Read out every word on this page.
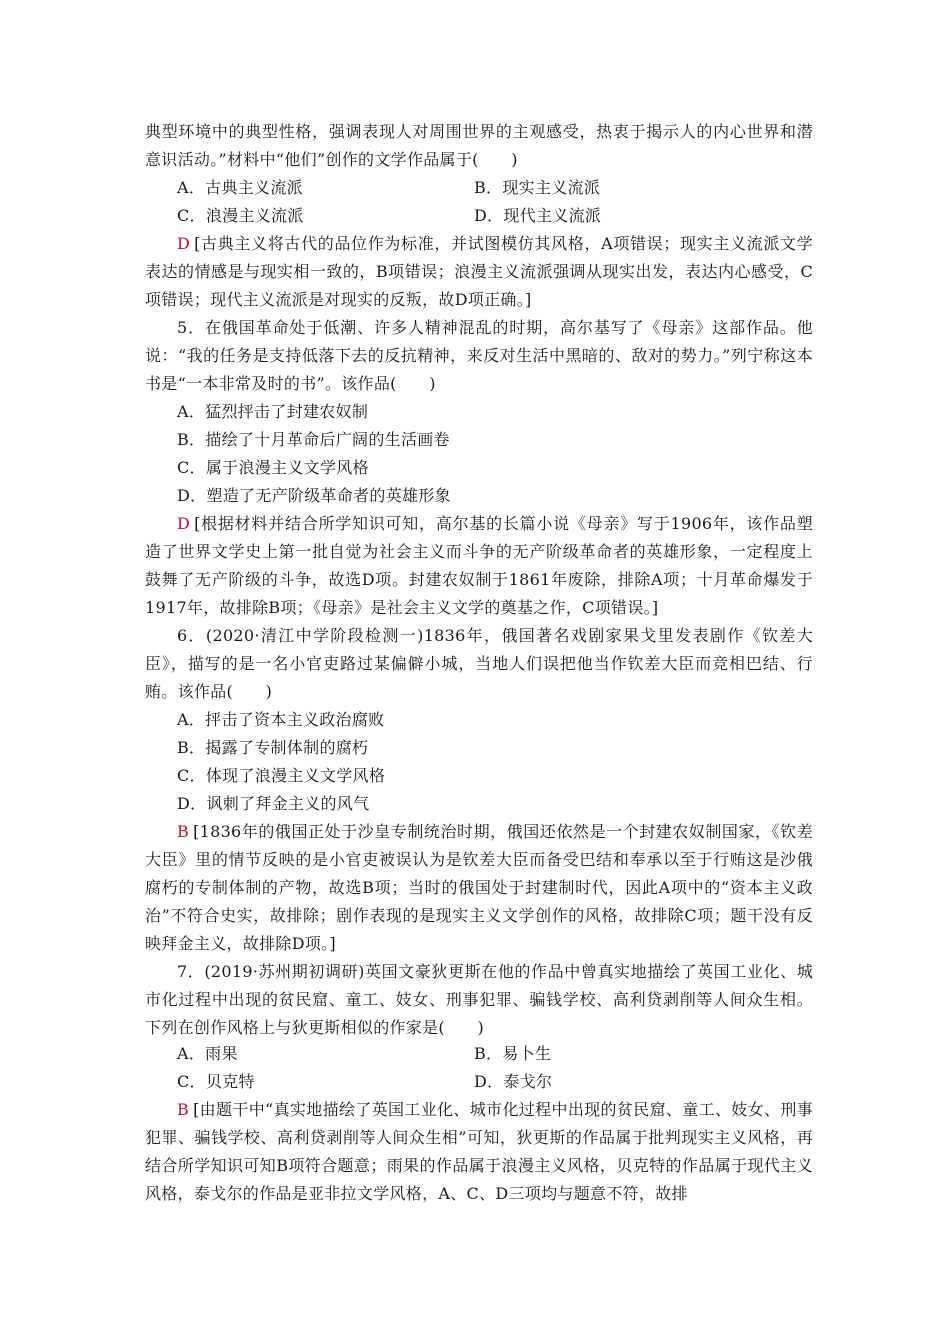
典型环境中的典型性格，强调表现人对周围世界的主观感受，热衷于揭示人的内心世界和潜意识活动。”材料中“他们”创作的文学作品属于(　　)

A．古典主义流派	B．现实主义流派
C．浪漫主义流派	D．现代主义流派

D [古典主义将古代的品位作为标准，并试图模仿其风格，A项错误；现实主义流派文学表达的情感是与现实相一致的，B项错误；浪漫主义流派强调从现实出发，表达内心感受，C项错误；现代主义流派是对现实的反叛，故D项正确。]

5．在俄国革命处于低潮、许多人精神混乱的时期，高尔基写了《母亲》这部作品。他说：“我的任务是支持低落下去的反抗精神，来反对生活中黑暗的、敌对的势力。”列宁称这本书是“一本非常及时的书”。该作品(　　)

A．猛烈抨击了封建农奴制
B．描绘了十月革命后广阔的生活画卷
C．属于浪漫主义文学风格
D．塑造了无产阶级革命者的英雄形象

D [根据材料并结合所学知识可知，高尔基的长篇小说《母亲》写于1906年，该作品塑造了世界文学史上第一批自觉为社会主义而斗争的无产阶级革命者的英雄形象，一定程度上鼓舞了无产阶级的斗争，故选D项。封建农奴制于1861年废除，排除A项；十月革命爆发于1917年，故排除B项；《母亲》是社会主义文学的奠基之作，C项错误。]

6．(2020·清江中学阶段检测一)1836年，俄国著名戏剧家果戈里发表剧作《钦差大臣》，描写的是一名小官吏路过某偏僻小城，当地人们误把他当作钦差大臣而竞相巴结、行贿。该作品(　　)

A．抨击了资本主义政治腐败
B．揭露了专制体制的腐朽
C．体现了浪漫主义文学风格
D．讽刺了拜金主义的风气

B [1836年的俄国正处于沙皇专制统治时期，俄国还依然是一个封建农奴制国家，《钦差大臣》里的情节反映的是小官吏被误认为是钦差大臣而备受巴结和奉承以至于行贿这是沙俄腐朽的专制体制的产物，故选B项；当时的俄国处于封建制时代，因此A项中的“资本主义政治”不符合史实，故排除；剧作表现的是现实主义文学创作的风格，故排除C项；题干没有反映拜金主义，故排除D项。]

7．(2019·苏州期初调研)英国文豪狄更斯在他的作品中曾真实地描绘了英国工业化、城市化过程中出现的贫民窟、童工、妓女、刑事犯罪、骗钱学校、高利贷剥削等人间众生相。下列在创作风格上与狄更斯相似的作家是(　　)

A．雨果	B．易卜生
C．贝克特	D．泰戈尔

B [由题干中“真实地描绘了英国工业化、城市化过程中出现的贫民窟、童工、妓女、刑事犯罪、骗钱学校、高利贷剥削等人间众生相”可知，狄更斯的作品属于批判现实主义风格，再结合所学知识可知B项符合题意；雨果的作品属于浪漫主义风格，贝克特的作品属于现代主义风格，泰戈尔的作品是亚非拉文学风格，A、C、D三项均与题意不符，故排
